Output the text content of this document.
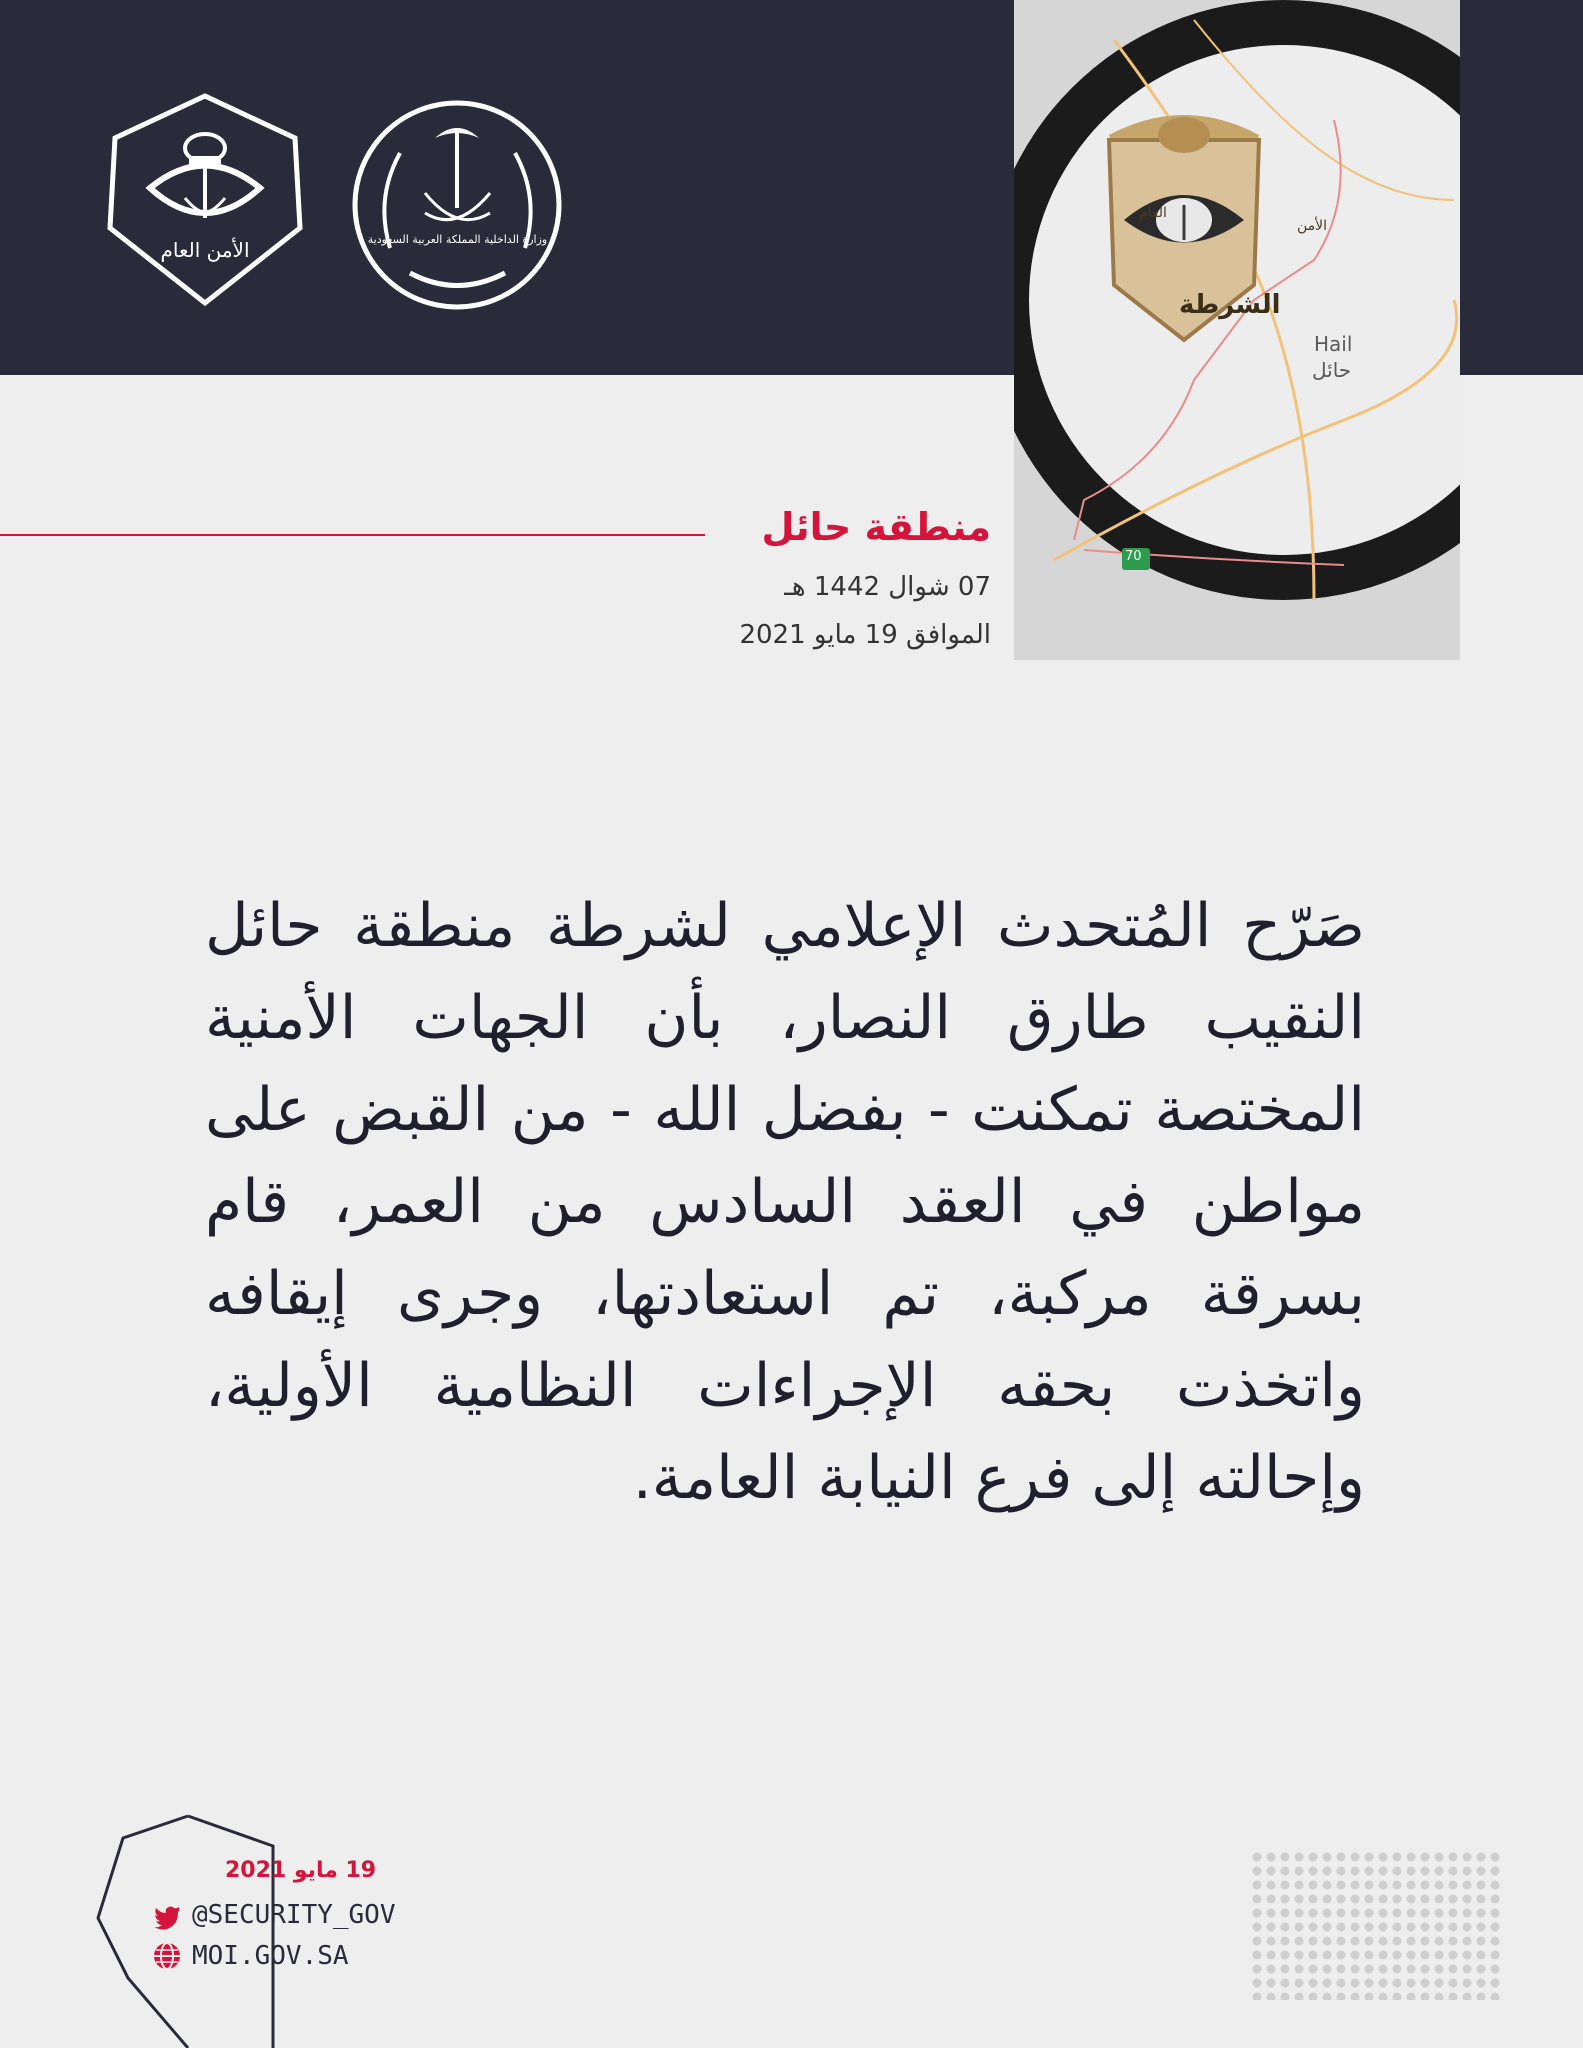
الأمن العام	وزارة الداخلية المملكة العربية السعودية
العام
الأمن
الشرطة
Hail
حائل
70
منطقة حائل
07 شوال 1442 هـ
الموافق 19 مايو 2021
صَرّح المُتحدث الإعلامي لشرطة منطقة حائل النقيب طارق النصار، بأن الجهات الأمنية المختصة تمكنت - بفضل الله - من القبض على مواطن في العقد السادس من العمر، قام بسرقة مركبة، تم استعادتها، وجرى إيقافه واتخذت بحقه الإجراءات النظامية الأولية، وإحالته إلى فرع النيابة العامة.
19 مايو 2021
@SECURITY_GOV
MOI.GOV.SA
